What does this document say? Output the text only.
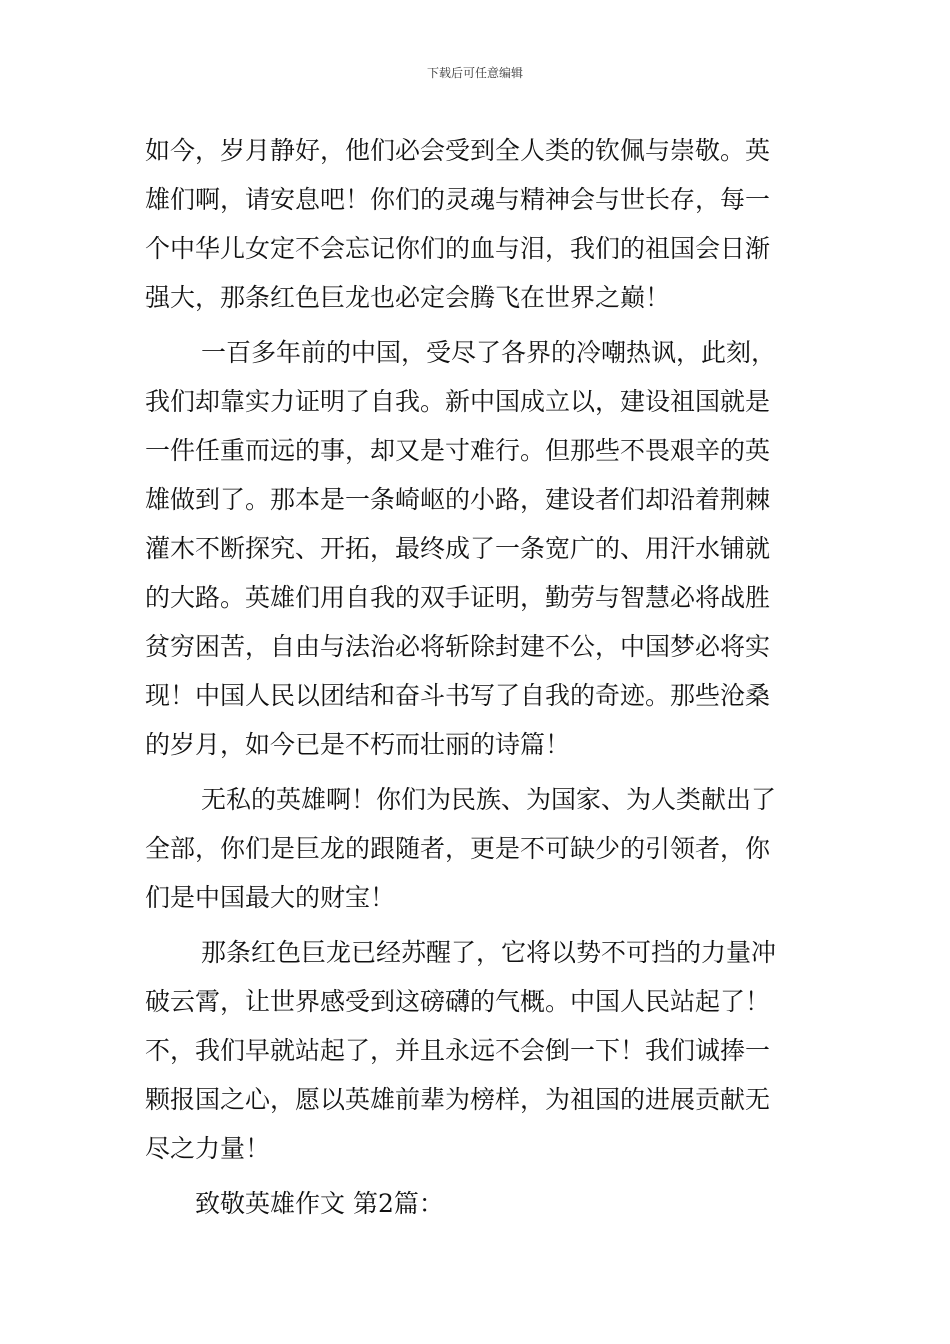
下载后可任意编辑
如今，岁月静好，他们必会受到全人类的钦佩与崇敬。英
雄们啊，请安息吧！你们的灵魂与精神会与世长存，每一
个中华儿女定不会忘记你们的血与泪，我们的祖国会日渐
强大，那条红色巨龙也必定会腾飞在世界之巅！
一百多年前的中国，受尽了各界的冷嘲热讽，此刻，
我们却靠实力证明了自我。新中国成立以，建设祖国就是
一件任重而远的事，却又是寸难行。但那些不畏艰辛的英
雄做到了。那本是一条崎岖的小路，建设者们却沿着荆棘
灌木不断探究、开拓，最终成了一条宽广的、用汗水铺就
的大路。英雄们用自我的双手证明，勤劳与智慧必将战胜
贫穷困苦，自由与法治必将斩除封建不公，中国梦必将实
现！中国人民以团结和奋斗书写了自我的奇迹。那些沧桑
的岁月，如今已是不朽而壮丽的诗篇！
无私的英雄啊！你们为民族、为国家、为人类献出了
全部，你们是巨龙的跟随者，更是不可缺少的引领者，你
们是中国最大的财宝！
那条红色巨龙已经苏醒了，它将以势不可挡的力量冲
破云霄，让世界感受到这磅礴的气概。中国人民站起了！
不，我们早就站起了，并且永远不会倒一下！我们诚捧一
颗报国之心，愿以英雄前辈为榜样，为祖国的进展贡献无
尽之力量！
致敬英雄作文 第2篇：
